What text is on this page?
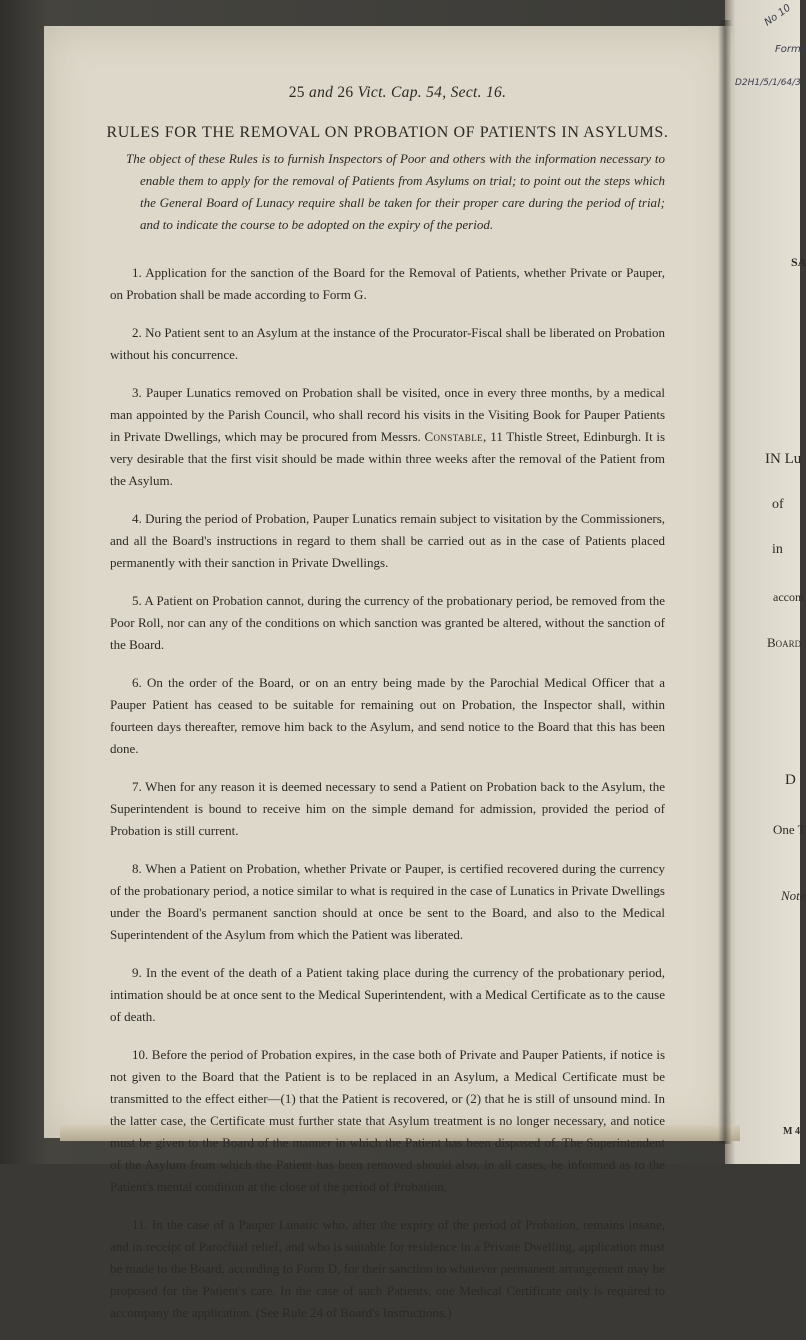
No 10
Forms
D2H1/5/1/64/3
SA
IN Lu
of
in
accom
Board
D
One T
Note
M 4
25 and 26 Vict. Cap. 54, Sect. 16.
RULES FOR THE REMOVAL ON PROBATION OF PATIENTS IN ASYLUMS.

The object of these Rules is to furnish Inspectors of Poor and others with the information necessary to enable them to apply for the removal of Patients from Asylums on trial; to point out the steps which the General Board of Lunacy require shall be taken for their proper care during the period of trial; and to indicate the course to be adopted on the expiry of the period.

1. Application for the sanction of the Board for the Removal of Patients, whether Private or Pauper, on Probation shall be made according to Form G.

2. No Patient sent to an Asylum at the instance of the Procurator-Fiscal shall be liberated on Probation without his concurrence.

3. Pauper Lunatics removed on Probation shall be visited, once in every three months, by a medical man appointed by the Parish Council, who shall record his visits in the Visiting Book for Pauper Patients in Private Dwellings, which may be procured from Messrs. Constable, 11 Thistle Street, Edinburgh. It is very desirable that the first visit should be made within three weeks after the removal of the Patient from the Asylum.

4. During the period of Probation, Pauper Lunatics remain subject to visitation by the Commissioners, and all the Board's instructions in regard to them shall be carried out as in the case of Patients placed permanently with their sanction in Private Dwellings.

5. A Patient on Probation cannot, during the currency of the probationary period, be removed from the Poor Roll, nor can any of the conditions on which sanction was granted be altered, without the sanction of the Board.

6. On the order of the Board, or on an entry being made by the Parochial Medical Officer that a Pauper Patient has ceased to be suitable for remaining out on Probation, the Inspector shall, within fourteen days thereafter, remove him back to the Asylum, and send notice to the Board that this has been done.

7. When for any reason it is deemed necessary to send a Patient on Probation back to the Asylum, the Superintendent is bound to receive him on the simple demand for admission, provided the period of Probation is still current.

8. When a Patient on Probation, whether Private or Pauper, is certified recovered during the currency of the probationary period, a notice similar to what is required in the case of Lunatics in Private Dwellings under the Board's permanent sanction should at once be sent to the Board, and also to the Medical Superintendent of the Asylum from which the Patient was liberated.

9. In the event of the death of a Patient taking place during the currency of the probationary period, intimation should be at once sent to the Medical Superintendent, with a Medical Certificate as to the cause of death.

10. Before the period of Probation expires, in the case both of Private and Pauper Patients, if notice is not given to the Board that the Patient is to be replaced in an Asylum, a Medical Certificate must be transmitted to the effect either—(1) that the Patient is recovered, or (2) that he is still of unsound mind. In the latter case, the Certificate must further state that Asylum treatment is no longer necessary, and notice must be given to the Board of the manner in which the Patient has been disposed of. The Superintendent of the Asylum from which the Patient has been removed should also, in all cases, be informed as to the Patient's mental condition at the close of the period of Probation.

11. In the case of a Pauper Lunatic who, after the expiry of the period of Probation, remains insane, and in receipt of Parochial relief, and who is suitable for residence in a Private Dwelling, application must be made to the Board, according to Form D, for their sanction to whatever permanent arrangement may be proposed for the Patient's care. In the case of such Patients, one Medical Certificate only is required to accompany the application. (See Rule 24 of Board's Instructions.)
